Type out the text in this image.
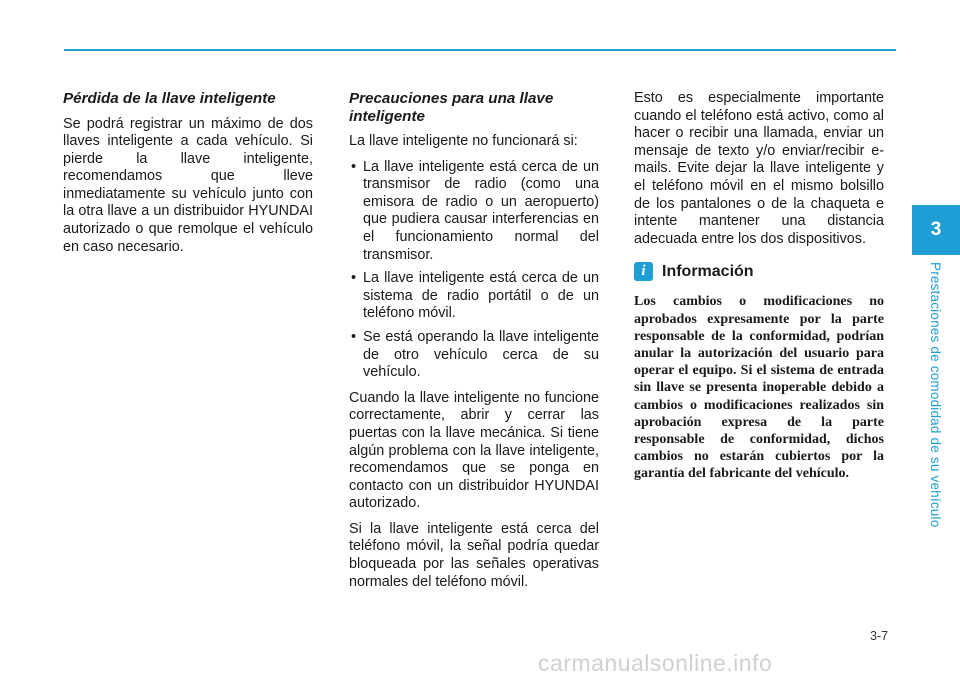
Pérdida de la llave inteligente

Se podrá registrar un máximo de dos llaves inteligente a cada vehículo. Si pierde la llave inteligente, recomendamos que lleve inmediatamente su vehículo junto con la otra llave a un distribuidor HYUNDAI autorizado o que remolque el vehículo en caso necesario.

Precauciones para una llave inteligente

La llave inteligente no funcionará si:

• La llave inteligente está cerca de un transmisor de radio (como una emisora de radio o un aeropuerto) que pudiera causar interferencias en el funcionamiento normal del transmisor.
• La llave inteligente está cerca de un sistema de radio portátil o de un teléfono móvil.
• Se está operando la llave inteligente de otro vehículo cerca de su vehículo.

Cuando la llave inteligente no funcione correctamente, abrir y cerrar las puertas con la llave mecánica. Si tiene algún problema con la llave inteligente, recomendamos que se ponga en contacto con un distribuidor HYUNDAI autorizado.

Si la llave inteligente está cerca del teléfono móvil, la señal podría quedar bloqueada por las señales operativas normales del teléfono móvil.

Esto es especialmente importante cuando el teléfono está activo, como al hacer o recibir una llamada, enviar un mensaje de texto y/o enviar/recibir e-mails. Evite dejar la llave inteligente y el teléfono móvil en el mismo bolsillo de los pantalones o de la chaqueta e intente mantener una distancia adecuada entre los dos dispositivos.

i	Información

Los cambios o modificaciones no aprobados expresamente por la parte responsable de la conformidad, podrían anular la autorización del usuario para operar el equipo. Si el sistema de entrada sin llave se presenta inoperable debido a cambios o modificaciones realizados sin aprobación expresa de la parte responsable de conformidad, dichos cambios no estarán cubiertos por la garantía del fabricante del vehículo.

3
Prestaciones de comodidad de su vehículo
3-7
carmanualsonline.info
